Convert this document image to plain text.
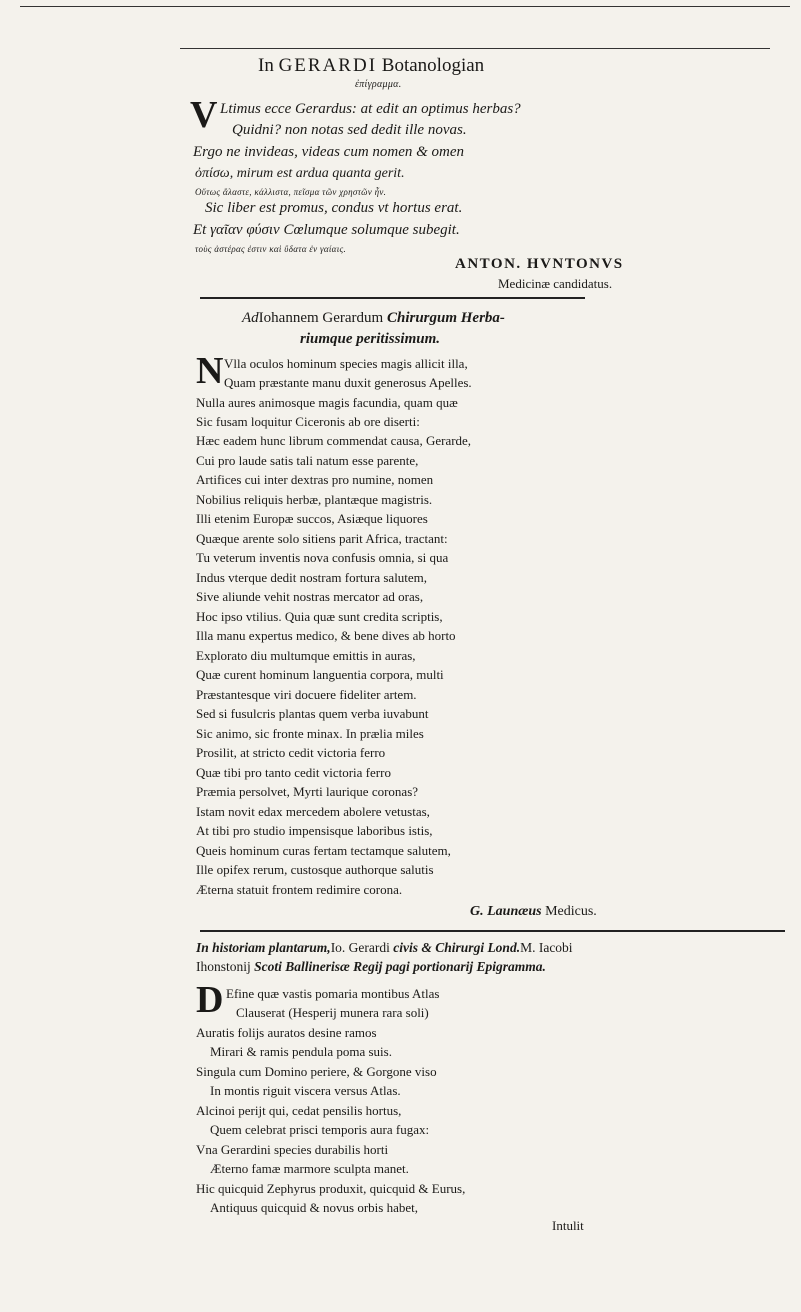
In GERARDI Botanologian
ἐπίγραμμα.
V Ltimus ecce Gerardus: at edit an optimus herbas?
Quidni? non notas sed dedit ille novas.
Ergo ne invideas, videas cum nomen & omen
ὀπίσω, mirum est ardua quanta gerit.
Οὕτως ἄλαστε, κάλλιστα, πεῖσμα τῶν χρηστῶν ἦν.
Sic liber est promus, condus vt hortus erat.
Et γαῖαν φύσιν Cœlumque solumque subegit.
τοὺς ἀστέρας ἐστιν καὶ ὕδατα ἐν γαίαις.
ANTON. HVNTONVS
Medicinæ candidatus.
AdIohannem Gerardum Chirurgum Herba-
riumque peritissimum.
N Vlla oculos hominum species magis allicit illa,
Quam præstante manu duxit generosus Apelles.
Nulla aures animosque magis facundia, quam quæ
Sic fusam loquitur Ciceronis ab ore diserti:
Hæc eadem hunc librum commendat causa, Gerarde,
Cui pro laude satis tali natum esse parente,
Artifices cui inter dextras pro numine, nomen
Nobilius reliquis herbæ, plantæque magistris.
Illi etenim Europæ succos, Asiæque liquores
Quæque arente solo sitiens parit Africa, tractant:
Tu veterum inventis nova confusis omnia, si qua
Indus vterque dedit nostram fortura salutem,
Sive aliunde vehit nostras mercator ad oras,
Hoc ipso vtilius. Quia quæ sunt credita scriptis,
Illa manu expertus medico, & bene dives ab horto
Explorato diu multumque emittis in auras,
Quæ curent hominum languentia corpora, multi
Præstantesque viri docuere fideliter artem.
Sed si fusulcris plantas quem verba iuvabunt
Sic animo, sic fronte minax. In prælia miles
Prosilit, at stricto cedit victoria ferro
Quæ tibi pro tanto cedit victoria ferro
Præmia persolvet, Myrti laurique coronas?
Istam novit edax mercedem abolere vetustas,
At tibi pro studio impensisque laboribus istis,
Queis hominum curas fertam tectamque salutem,
Ille opifex rerum, custosque authorque salutis
Æterna statuit frontem redimire corona.
G. Launæus Medicus.
In historiam plantarum,Io. Gerardi civis & Chirurgi Lond.M. Iacobi
Ihonstonij Scoti Ballinerisæ Regij pagi portionarij Epigramma.
D Efine quæ vastis pomaria montibus Atlas
Clauserat (Hesperij munera rara soli)
Auratis folijs auratos desine ramos
Mirari & ramis pendula poma suis.
Singula cum Domino periere, & Gorgone viso
In montis riguit viscera versus Atlas.
Alcinoi perijt qui, cedat pensilis hortus,
Quem celebrat prisci temporis aura fugax:
Vna Gerardini species durabilis horti
Æterno famæ marmore sculpta manet.
Hic quicquid Zephyrus produxit, quicquid & Eurus,
Antiquus quicquid & novus orbis habet,
Intulit
